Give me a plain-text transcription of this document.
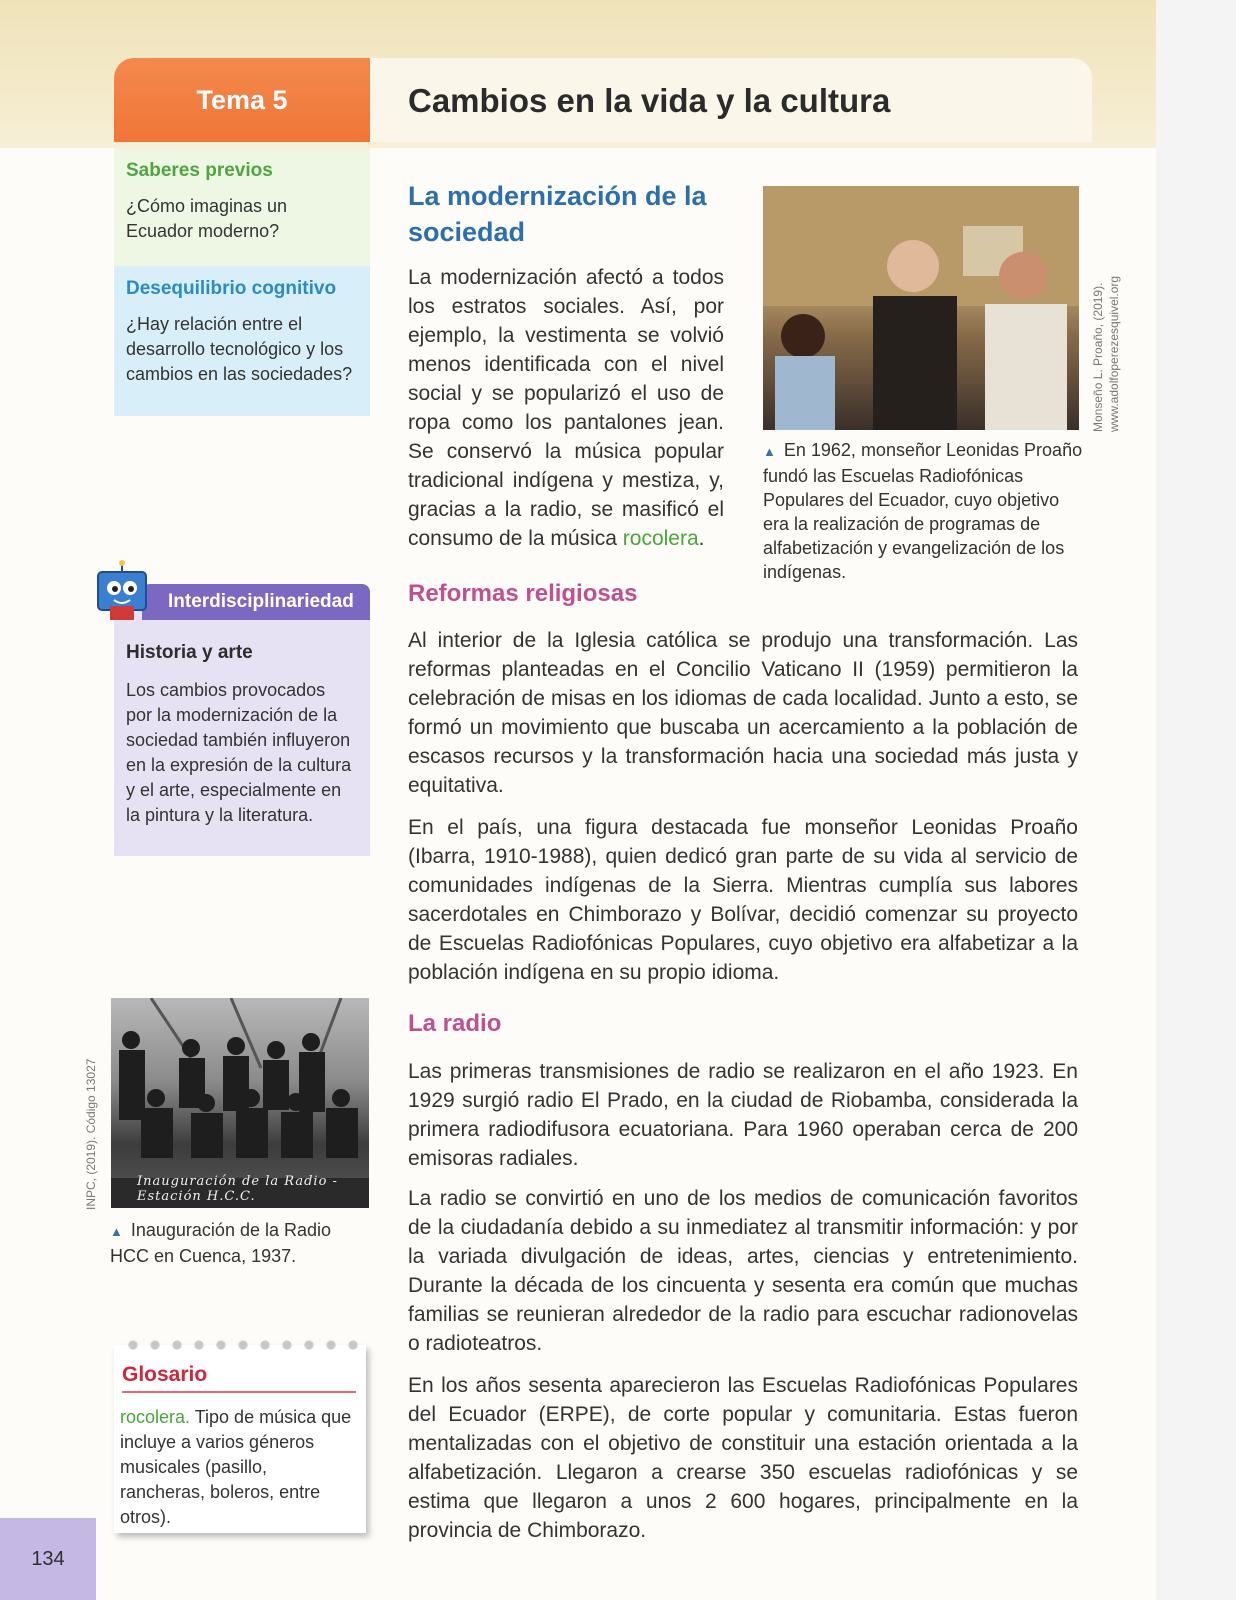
Tema 5	Cambios en la vida y la cultura

Saberes previos

¿Cómo imaginas un Ecuador moderno?

Desequilibrio cognitivo

¿Hay relación entre el desarrollo tecnológico y los cambios en las sociedades?

Historia y arte

Los cambios provocados por la modernización de la sociedad también influyeron en la expresión de la cultura y el arte, especialmente en la pintura y la literatura.
Interdisciplinariedad
Inauguración de la Radio - Estación H.C.C.
INPC, (2019). Código 13027
▲ Inauguración de la Radio HCC en Cuenca, 1937.

Glosario

rocolera. Tipo de música que incluye a varios géneros musicales (pasillo, rancheras, boleros, entre otros).
134
La modernización de la sociedad

La modernización afectó a todos los estratos sociales. Así, por ejemplo, la vestimenta se volvió menos identificada con el nivel social y se popularizó el uso de ropa como los pantalones jean. Se conservó la música popular tradicional indígena y mestiza, y, gracias a la radio, se masificó el consumo de la música rocolera.

▲ En 1962, monseñor Leonidas Proaño fundó las Escuelas Radiofónicas Populares del Ecuador, cuyo objetivo era la realización de programas de alfabetización y evangelización de los indígenas.
Monseño L. Proaño, (2019). www.adolfoperezesquivel.org
Reformas religiosas

Al interior de la Iglesia católica se produjo una transformación. Las reformas planteadas en el Concilio Vaticano II (1959) permitieron la celebración de misas en los idiomas de cada localidad. Junto a esto, se formó un movimiento que buscaba un acercamiento a la población de escasos recursos y la transformación hacia una sociedad más justa y equitativa.

En el país, una figura destacada fue monseñor Leonidas Proaño (Ibarra, 1910-1988), quien dedicó gran parte de su vida al servicio de comunidades indígenas de la Sierra. Mientras cumplía sus labores sacerdotales en Chimborazo y Bolívar, decidió comenzar su proyecto de Escuelas Radiofónicas Populares, cuyo objetivo era alfabetizar a la población indígena en su propio idioma.

La radio

Las primeras transmisiones de radio se realizaron en el año 1923. En 1929 surgió radio El Prado, en la ciudad de Riobamba, considerada la primera radiodifusora ecuatoriana. Para 1960 operaban cerca de 200 emisoras radiales.

La radio se convirtió en uno de los medios de comunicación favoritos de la ciudadanía debido a su inmediatez al transmitir información: y por la variada divulgación de ideas, artes, ciencias y entretenimiento. Durante la década de los cincuenta y sesenta era común que muchas familias se reunieran alrededor de la radio para escuchar radionovelas o radioteatros.

En los años sesenta aparecieron las Escuelas Radiofónicas Populares del Ecuador (ERPE), de corte popular y comunitaria. Estas fueron mentalizadas con el objetivo de constituir una estación orientada a la alfabetización. Llegaron a crearse 350 escuelas radiofónicas y se estima que llegaron a unos 2 600 hogares, principalmente en la provincia de Chimborazo.
